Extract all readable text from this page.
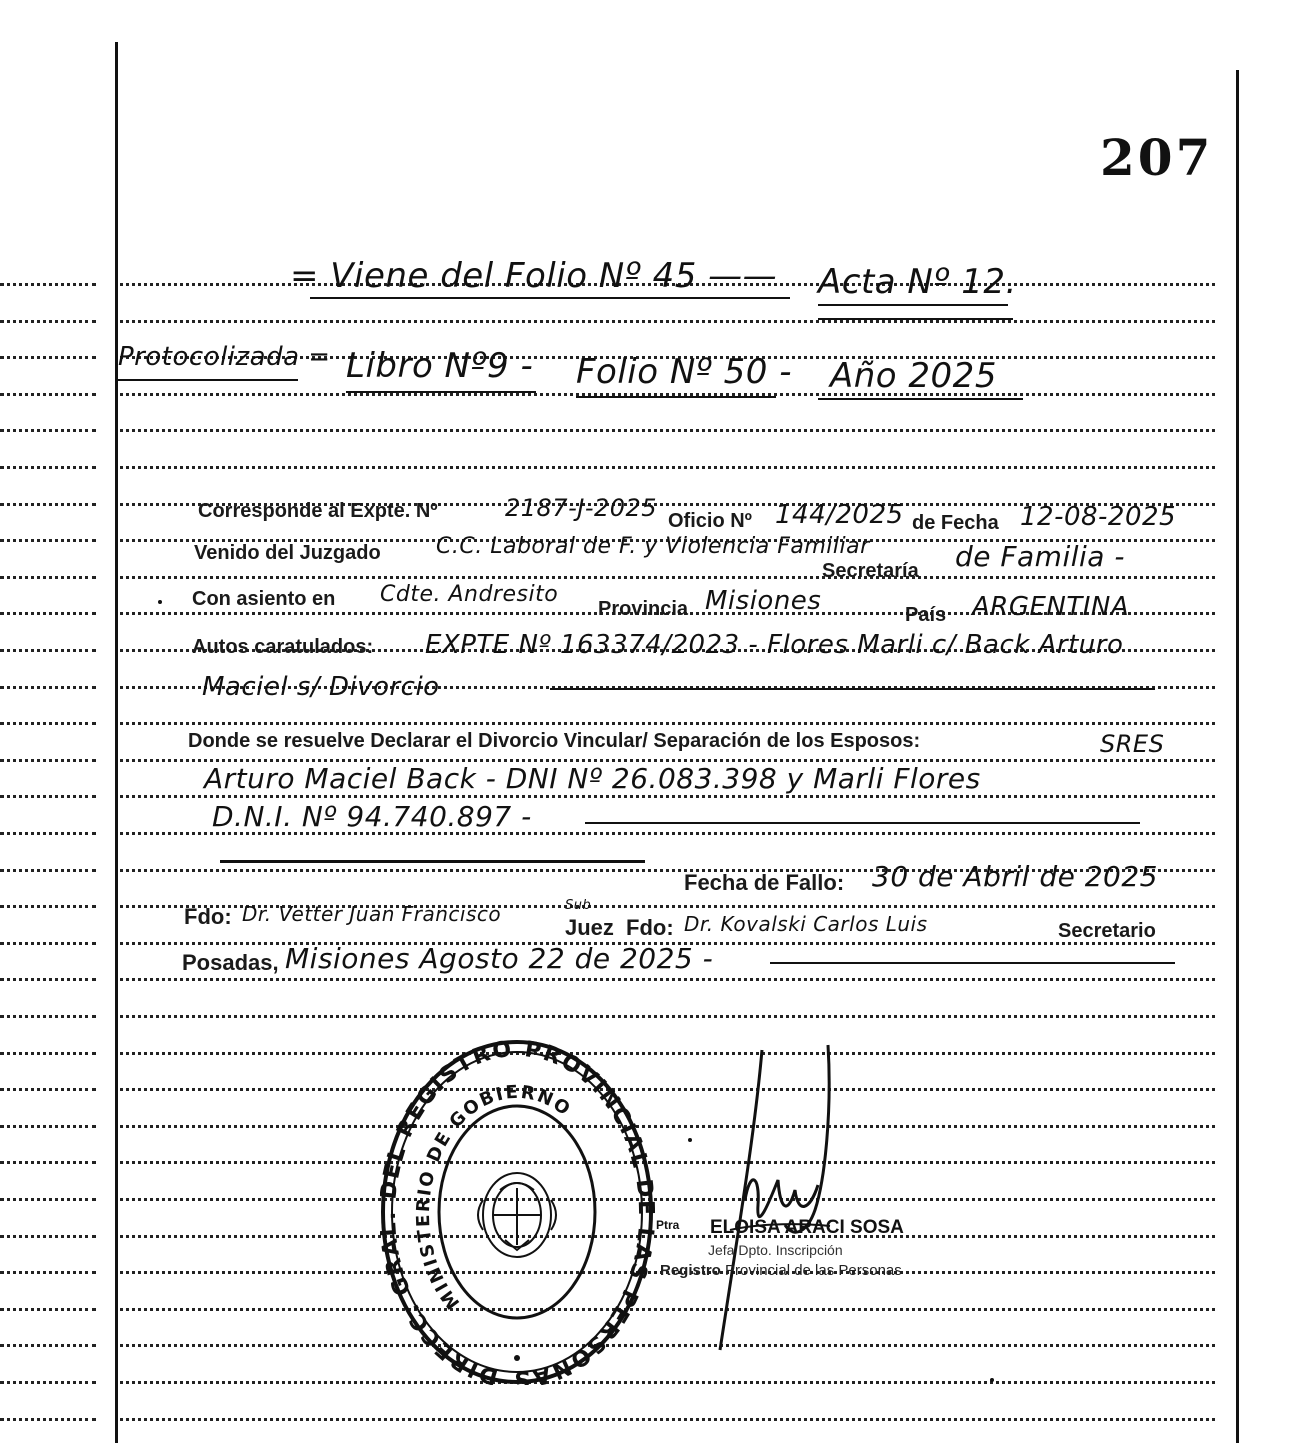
207
= Viene del Folio Nº 45 —— Acta Nº 12.
Protocolizada = Libro Nº9 - Folio Nº 50 - Año 2025
Corresponde al Expte. Nº	2187-J-2025 Oficio Nº 144/2025 de Fecha 12-08-2025
Venido del Juzgado	C.C. Laboral de F. y Violencia Familiar
Secretaría de Familia -
Con asiento en Cdte. Andresito
Provincia Misiones	País ARGENTINA
Autos caratulados: EXPTE Nº 163374/2023 - Flores Marli c/ Back Arturo
Maciel s/ Divorcio
Donde se resuelve Declarar el Divorcio Vincular/ Separación de los Esposos:	SRES
Arturo Maciel Back - DNI Nº 26.083.398 y Marli Flores
D.N.I. Nº 94.740.897 -
Fecha de Fallo: 30 de Abril de 2025
Fdo: Dr. Vetter Juan Francisco	Sub
Juez Fdo: Dr. Kovalski Carlos Luis	Secretario
Posadas, Misiones Agosto 22 de 2025 -
DIRECC. GRA EL REGISTRO PROVINCIAL D AS PERSONAS
MINISTERIO DE GOBIERNO
Ptra ELOISA ARACI SOSA
Jefa Dpto. Inscripción
Registro Provincial de las Personas
